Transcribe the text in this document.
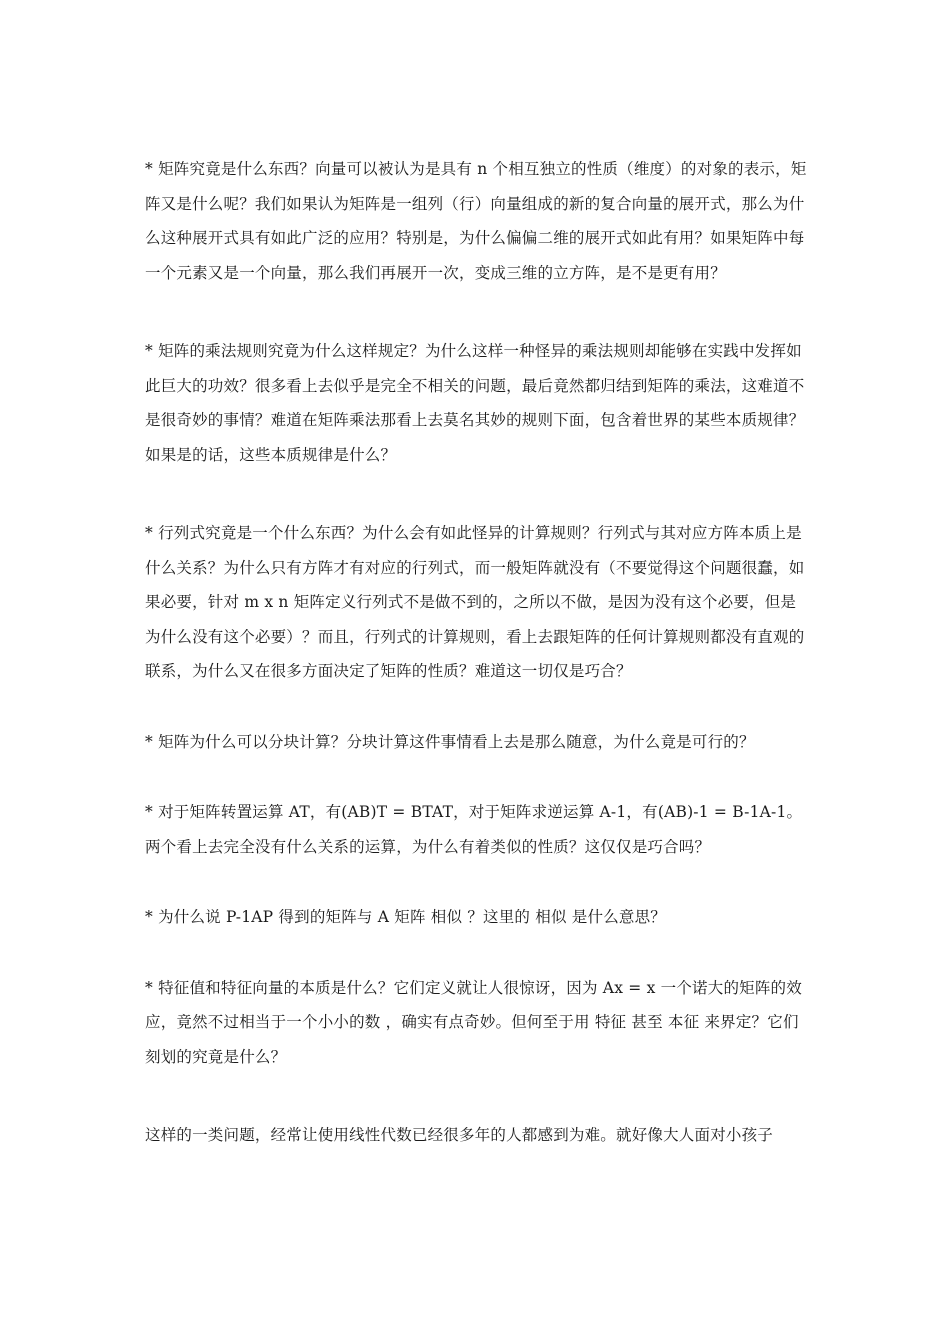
* 矩阵究竟是什么东西？向量可以被认为是具有 n 个相互独立的性质（维度）的对象的表示，矩阵又是什么呢？我们如果认为矩阵是一组列（行）向量组成的新的复合向量的展开式，那么为什么这种展开式具有如此广泛的应用？特别是，为什么偏偏二维的展开式如此有用？如果矩阵中每一个元素又是一个向量，那么我们再展开一次，变成三维的立方阵，是不是更有用？

* 矩阵的乘法规则究竟为什么这样规定？为什么这样一种怪异的乘法规则却能够在实践中发挥如此巨大的功效？很多看上去似乎是完全不相关的问题，最后竟然都归结到矩阵的乘法，这难道不是很奇妙的事情？难道在矩阵乘法那看上去莫名其妙的规则下面，包含着世界的某些本质规律？如果是的话，这些本质规律是什么？

* 行列式究竟是一个什么东西？为什么会有如此怪异的计算规则？行列式与其对应方阵本质上是什么关系？为什么只有方阵才有对应的行列式，而一般矩阵就没有（不要觉得这个问题很蠢，如果必要，针对 m x n 矩阵定义行列式不是做不到的，之所以不做，是因为没有这个必要，但是为什么没有这个必要）？而且，行列式的计算规则，看上去跟矩阵的任何计算规则都没有直观的联系，为什么又在很多方面决定了矩阵的性质？难道这一切仅是巧合？

* 矩阵为什么可以分块计算？分块计算这件事情看上去是那么随意，为什么竟是可行的？

* 对于矩阵转置运算 AT，有(AB)T = BTAT，对于矩阵求逆运算 A-1，有(AB)-1 = B-1A-1。两个看上去完全没有什么关系的运算，为什么有着类似的性质？这仅仅是巧合吗？

* 为什么说 P-1AP 得到的矩阵与 A 矩阵 相似 ？这里的 相似 是什么意思？

* 特征值和特征向量的本质是什么？它们定义就让人很惊讶，因为 Ax = x 一个诺大的矩阵的效应，竟然不过相当于一个小小的数 ，确实有点奇妙。但何至于用 特征 甚至 本征 来界定？它们刻划的究竟是什么？

这样的一类问题，经常让使用线性代数已经很多年的人都感到为难。就好像大人面对小孩子
